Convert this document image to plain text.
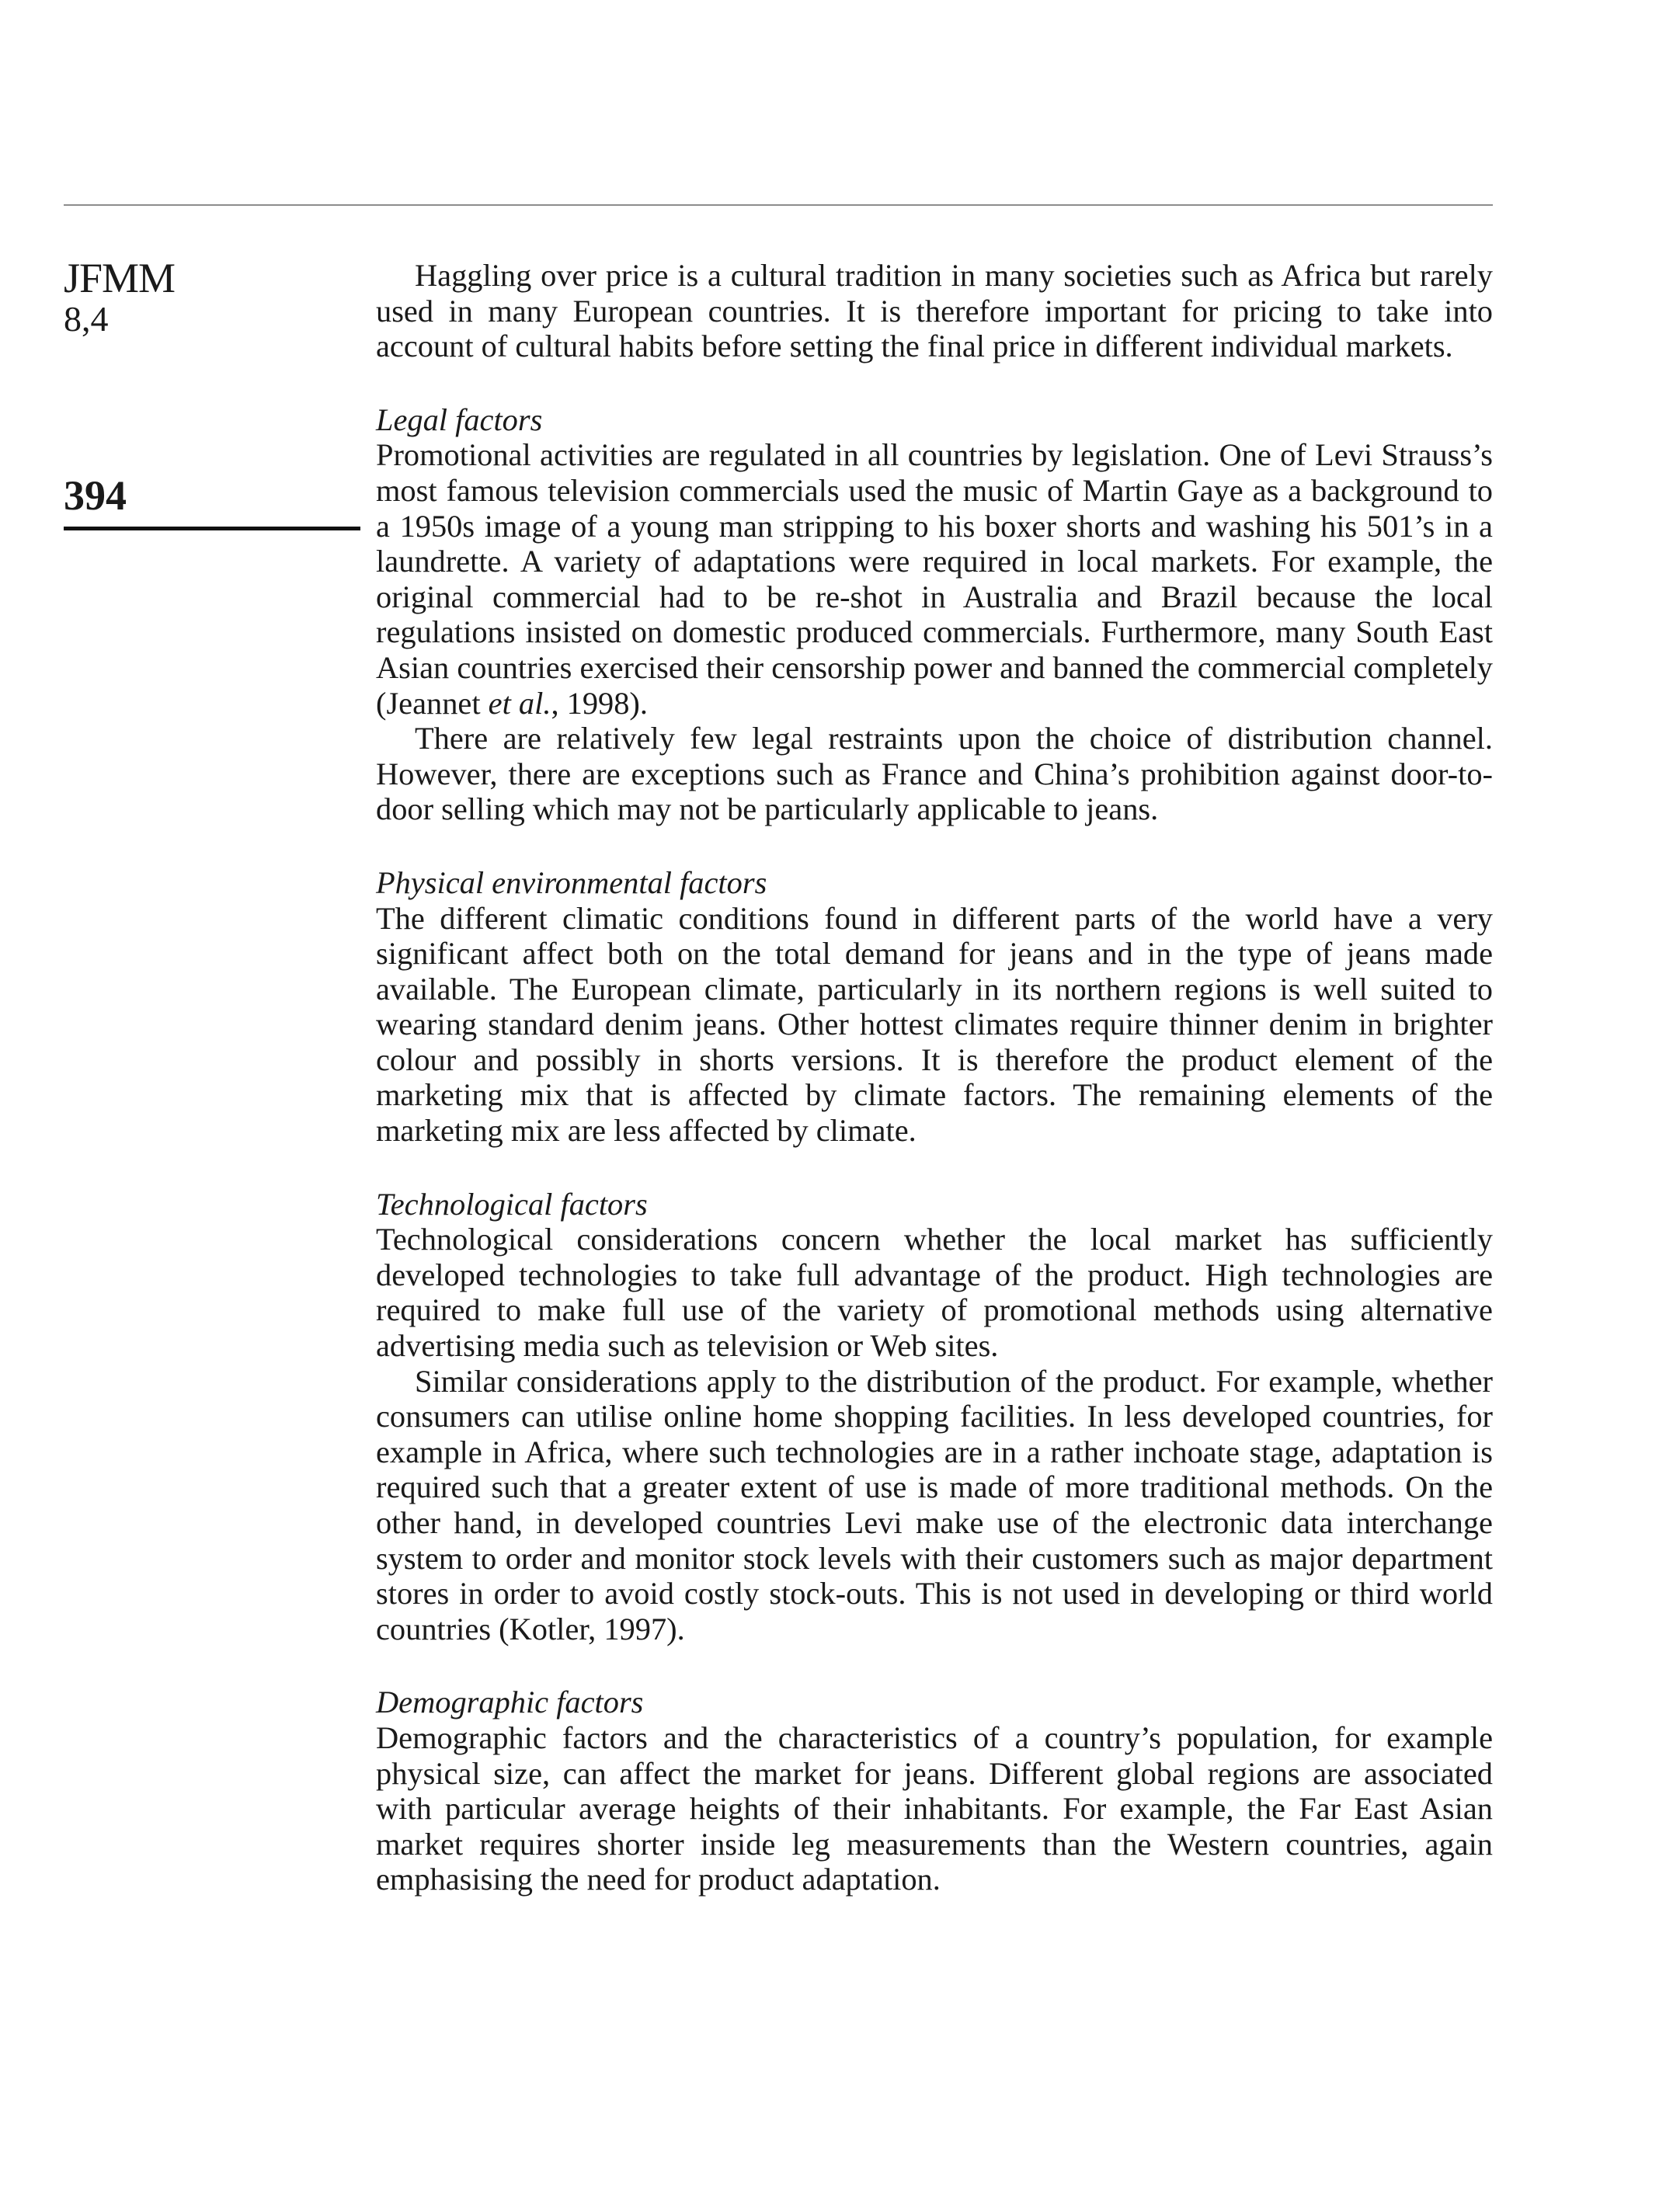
JFMM

8,4

394

Haggling over price is a cultural tradition in many societies such as Africa but rarely used in many European countries. It is therefore important for pricing to take into account of cultural habits before setting the final price in different individual markets.

Legal factors

Promotional activities are regulated in all countries by legislation. One of Levi Strauss’s most famous television commercials used the music of Martin Gaye as a background to a 1950s image of a young man stripping to his boxer shorts and washing his 501’s in a laundrette. A variety of adaptations were required in local markets. For example, the original commercial had to be re-shot in Australia and Brazil because the local regulations insisted on domestic produced commercials. Furthermore, many South East Asian countries exercised their censorship power and banned the commercial completely (Jeannet et al., 1998).

There are relatively few legal restraints upon the choice of distribution channel. However, there are exceptions such as France and China’s prohibition against door-to-door selling which may not be particularly applicable to jeans.

Physical environmental factors

The different climatic conditions found in different parts of the world have a very significant affect both on the total demand for jeans and in the type of jeans made available. The European climate, particularly in its northern regions is well suited to wearing standard denim jeans. Other hottest climates require thinner denim in brighter colour and possibly in shorts versions. It is therefore the product element of the marketing mix that is affected by climate factors. The remaining elements of the marketing mix are less affected by climate.

Technological factors

Technological considerations concern whether the local market has sufficiently developed technologies to take full advantage of the product. High technologies are required to make full use of the variety of promotional methods using alternative advertising media such as television or Web sites.

Similar considerations apply to the distribution of the product. For example, whether consumers can utilise online home shopping facilities. In less developed countries, for example in Africa, where such technologies are in a rather inchoate stage, adaptation is required such that a greater extent of use is made of more traditional methods. On the other hand, in developed countries Levi make use of the electronic data interchange system to order and monitor stock levels with their customers such as major department stores in order to avoid costly stock-outs. This is not used in developing or third world countries (Kotler, 1997).

Demographic factors

Demographic factors and the characteristics of a country’s population, for example physical size, can affect the market for jeans. Different global regions are associated with particular average heights of their inhabitants. For example, the Far East Asian market requires shorter inside leg measurements than the Western countries, again emphasising the need for product adaptation.
